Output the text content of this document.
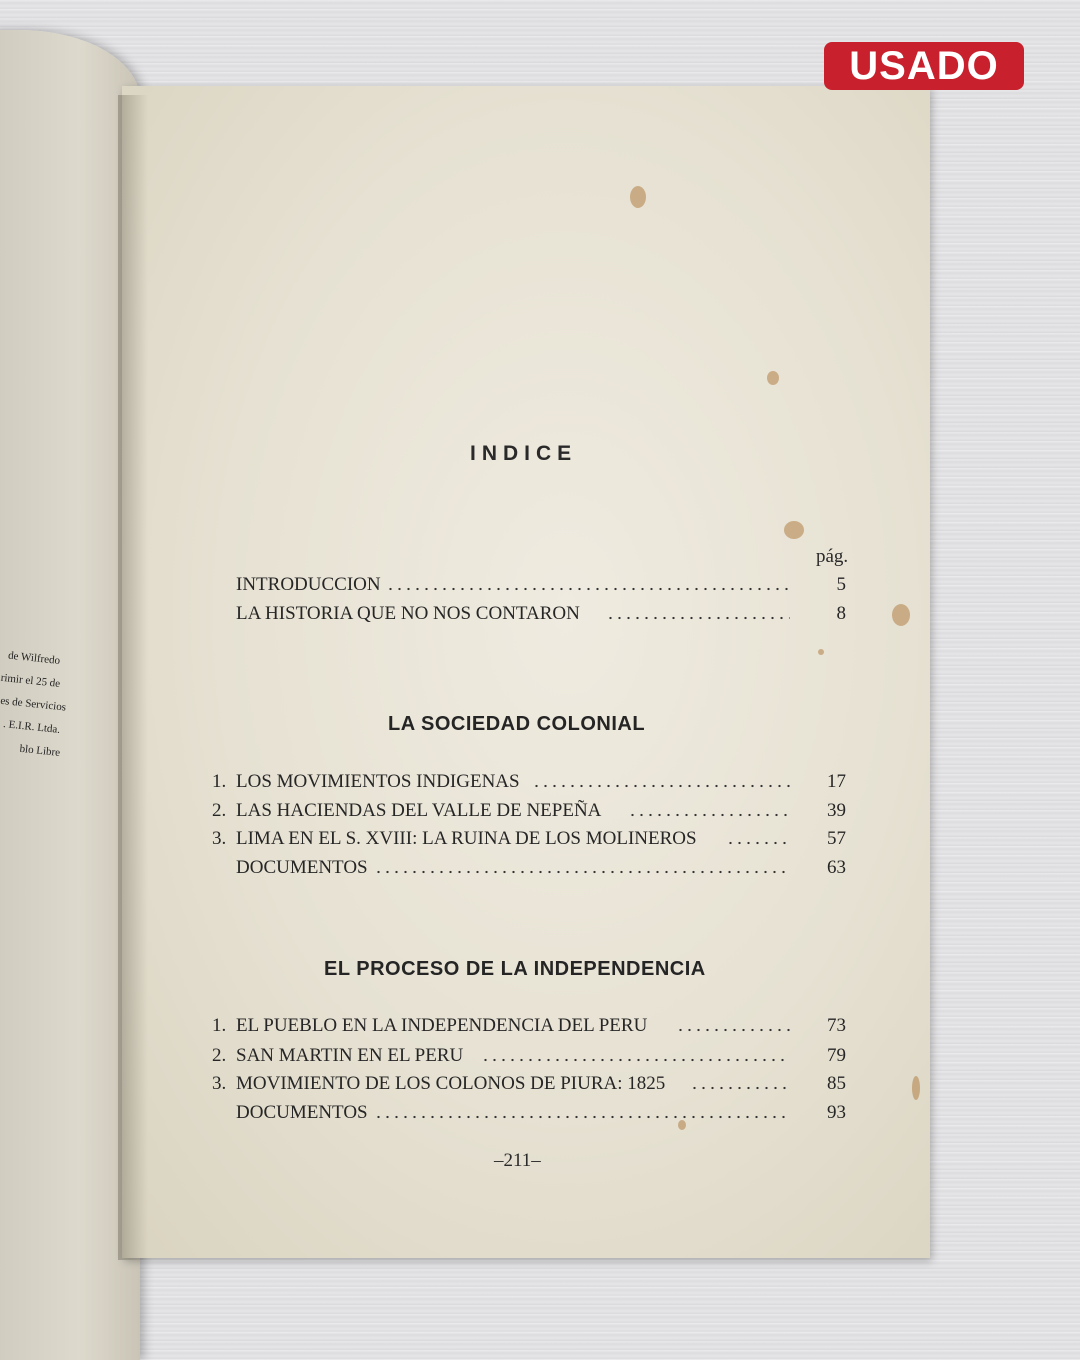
de Wilfredo
rimir el 25 de
es de Servicios
. E.I.R. Ltda.
blo Libre
INDICE
pág.
INTRODUCCION	5
LA HISTORIA QUE NO NOS CONTARON	8
LA SOCIEDAD COLONIAL
1. LOS MOVIMIENTOS INDIGENAS	17
2. LAS HACIENDAS DEL VALLE DE NEPEÑA	39
3. LIMA EN EL S. XVIII: LA RUINA DE LOS MOLINEROS	57
DOCUMENTOS	63
EL PROCESO DE LA INDEPENDENCIA
1. EL PUEBLO EN LA INDEPENDENCIA DEL PERU	73
2. SAN MARTIN EN EL PERU	79
3. MOVIMIENTO DE LOS COLONOS DE PIURA: 1825	85
DOCUMENTOS	93
–211–
USADO
